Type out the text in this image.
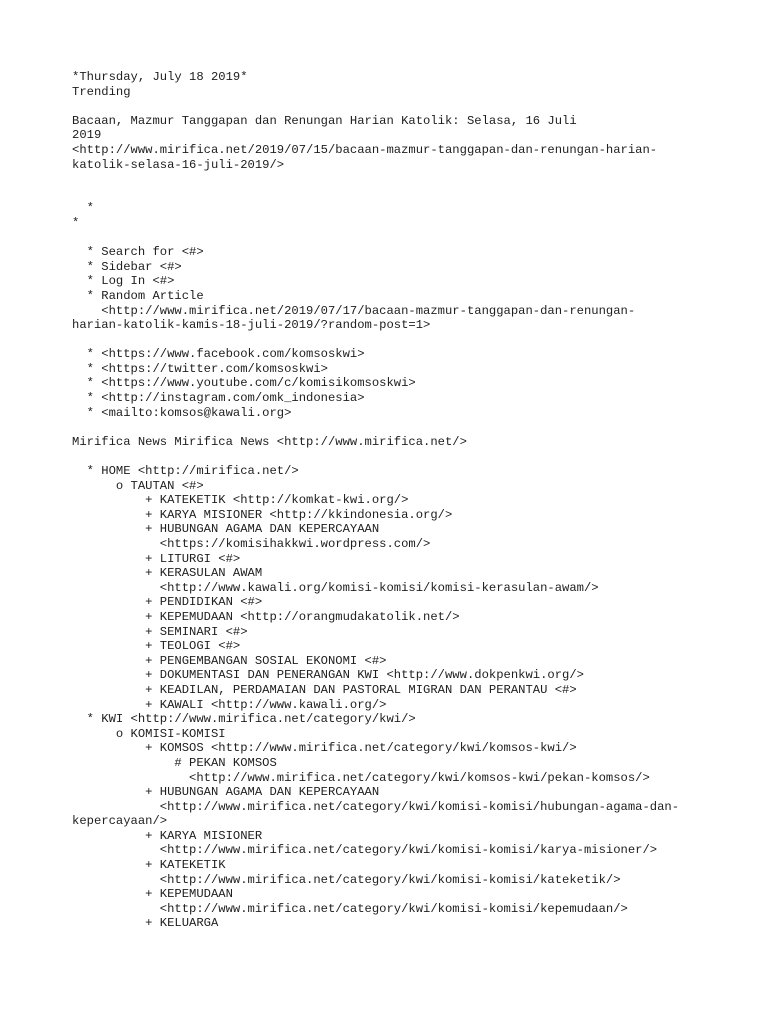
*Thursday, July 18 2019*
Trending
Bacaan, Mazmur Tanggapan dan Renungan Harian Katolik: Selasa, 16 Juli
2019
<http://www.mirifica.net/2019/07/15/bacaan-mazmur-tanggapan-dan-renungan-harian-
katolik-selasa-16-juli-2019/>
*
*
* Search for <#>
* Sidebar <#>
* Log In <#>
* Random Article
<http://www.mirifica.net/2019/07/17/bacaan-mazmur-tanggapan-dan-renungan-
harian-katolik-kamis-18-juli-2019/?random-post=1>
* <https://www.facebook.com/komsoskwi>
* <https://twitter.com/komsoskwi>
* <https://www.youtube.com/c/komisikomsoskwi>
* <http://instagram.com/omk_indonesia>
* <mailto:komsos@kawali.org>
Mirifica News Mirifica News <http://www.mirifica.net/>
* HOME <http://mirifica.net/>
o TAUTAN <#>
+ KATEKETIK <http://komkat-kwi.org/>
+ KARYA MISIONER <http://kkindonesia.org/>
+ HUBUNGAN AGAMA DAN KEPERCAYAAN
<https://komisihakkwi.wordpress.com/>
+ LITURGI <#>
+ KERASULAN AWAM
<http://www.kawali.org/komisi-komisi/komisi-kerasulan-awam/>
+ PENDIDIKAN <#>
+ KEPEMUDAAN <http://orangmudakatolik.net/>
+ SEMINARI <#>
+ TEOLOGI <#>
+ PENGEMBANGAN SOSIAL EKONOMI <#>
+ DOKUMENTASI DAN PENERANGAN KWI <http://www.dokpenkwi.org/>
+ KEADILAN, PERDAMAIAN DAN PASTORAL MIGRAN DAN PERANTAU <#>
+ KAWALI <http://www.kawali.org/>
* KWI <http://www.mirifica.net/category/kwi/>
o KOMISI-KOMISI
+ KOMSOS <http://www.mirifica.net/category/kwi/komsos-kwi/>
# PEKAN KOMSOS
<http://www.mirifica.net/category/kwi/komsos-kwi/pekan-komsos/>
+ HUBUNGAN AGAMA DAN KEPERCAYAAN
<http://www.mirifica.net/category/kwi/komisi-komisi/hubungan-agama-dan-
kepercayaan/>
+ KARYA MISIONER
<http://www.mirifica.net/category/kwi/komisi-komisi/karya-misioner/>
+ KATEKETIK
<http://www.mirifica.net/category/kwi/komisi-komisi/kateketik/>
+ KEPEMUDAAN
<http://www.mirifica.net/category/kwi/komisi-komisi/kepemudaan/>
+ KELUARGA
